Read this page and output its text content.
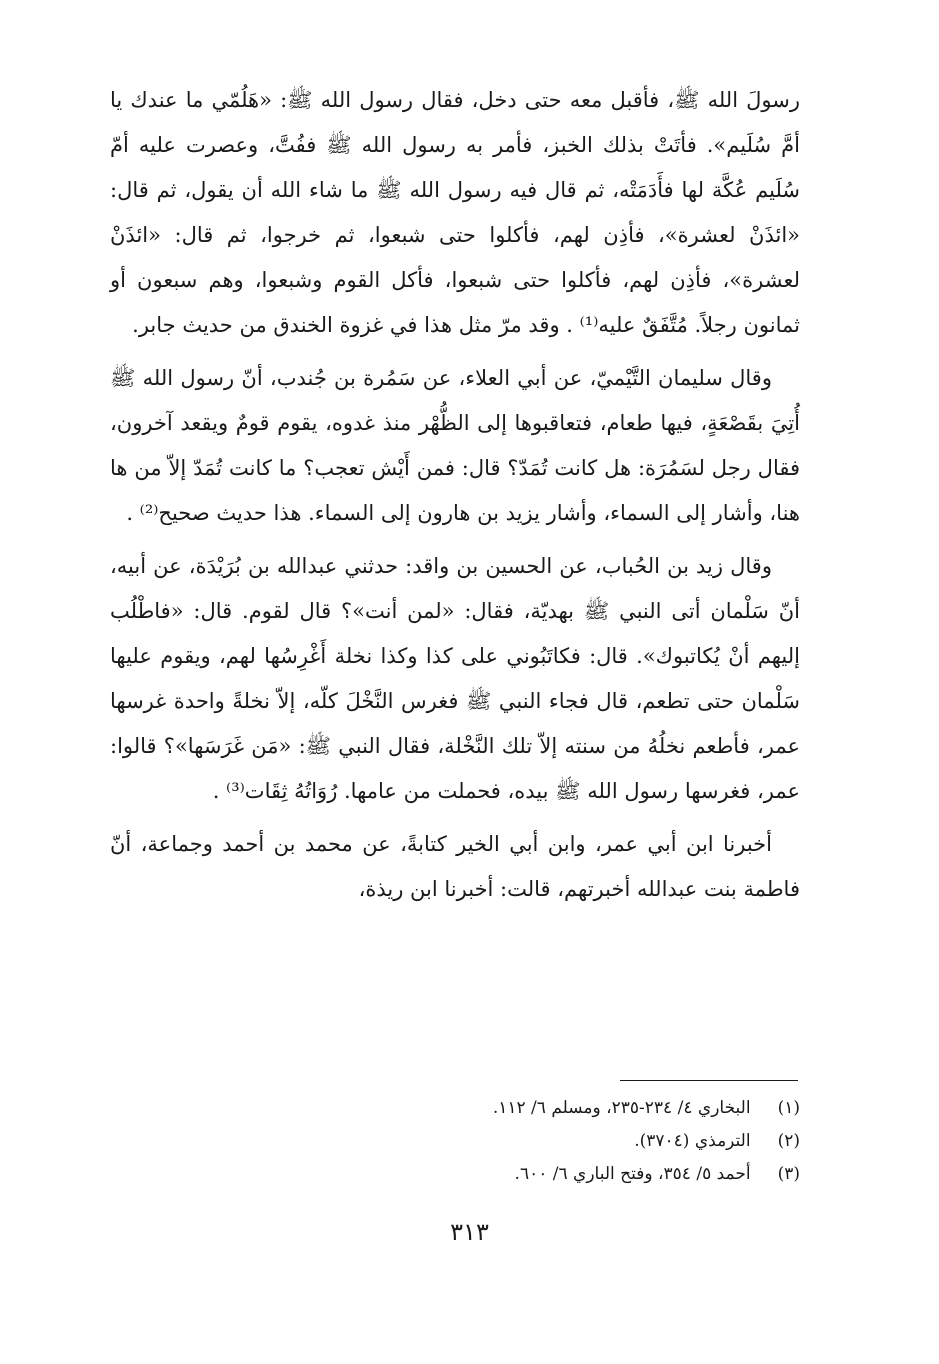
رسولَ الله ﷺ، فأقبل معه حتى دخل، فقال رسول الله ﷺ: «هَلُمّي ما عندك يا أمَّ سُلَيم». فأتَتْ بذلك الخبز، فأمر به رسول الله ﷺ ففُتَّ، وعصرت عليه أمّ سُلَيم عُكَّة لها فأَدَمَتْه، ثم قال فيه رسول الله ﷺ ما شاء الله أن يقول، ثم قال: «ائذَنْ لعشرة»، فأذِن لهم، فأكلوا حتى شبعوا، ثم خرجوا، ثم قال: «ائذَنْ لعشرة»، فأذِن لهم، فأكلوا حتى شبعوا، فأكل القوم وشبعوا، وهم سبعون أو ثمانون رجلاً. مُتَّفَقٌ عليه⁽¹⁾ . وقد مرّ مثل هذا في غزوة الخندق من حديث جابر.

وقال سليمان التَّيْميّ، عن أبي العلاء، عن سَمُرة بن جُندب، أنّ رسول الله ﷺ أُتِيَ بقَصْعَةٍ، فيها طعام، فتعاقبوها إلى الظُّهْر منذ غدوه، يقوم قومٌ ويقعد آخرون، فقال رجل لسَمُرَة: هل كانت تُمَدّ؟ قال: فمن أَيْش تعجب؟ ما كانت تُمَدّ إلاّ من ها هنا، وأشار إلى السماء، وأشار يزيد بن هارون إلى السماء. هذا حديث صحيح⁽²⁾ .

وقال زيد بن الحُباب، عن الحسين بن واقد: حدثني عبدالله بن بُرَيْدَة، عن أبيه، أنّ سَلْمان أتى النبي ﷺ بهديّة، فقال: «لمن أنت»؟ قال لقوم. قال: «فاطْلُب إليهم أنْ يُكاتبوك». قال: فكاتَبُوني على كذا وكذا نخلة أَغْرِسُها لهم، ويقوم عليها سَلْمان حتى تطعم، قال فجاء النبي ﷺ فغرس النَّخْلَ كلّه، إلاّ نخلةً واحدة غرسها عمر، فأطعم نخلُهُ من سنته إلاّ تلك النَّخْلة، فقال النبي ﷺ: «مَن غَرَسَها»؟ قالوا: عمر، فغرسها رسول الله ﷺ بيده، فحملت من عامها. رُوَاتُهُ ثِقَات⁽³⁾ .

أخبرنا ابن أبي عمر، وابن أبي الخير كتابةً، عن محمد بن أحمد وجماعة، أنّ فاطمة بنت عبدالله أخبرتهم، قالت: أخبرنا ابن ريذة،

(١) البخاري ٤/ ٢٣٤-٢٣٥، ومسلم ٦/ ١١٢.
(٢) الترمذي (٣٧٠٤).
(٣) أحمد ٥/ ٣٥٤، وفتح الباري ٦/ ٦٠٠.
٣١٣
